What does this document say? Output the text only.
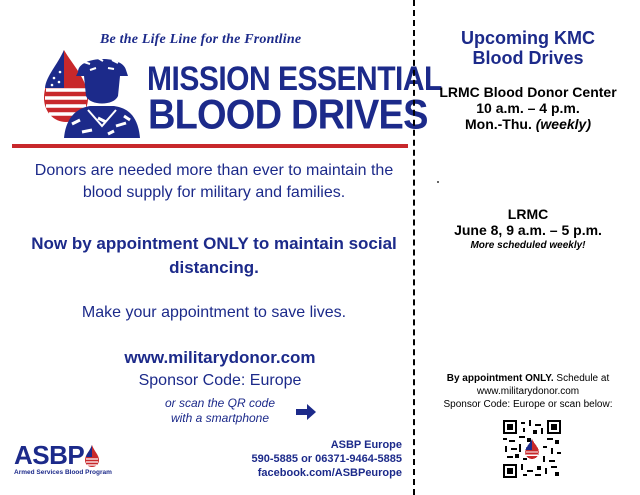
Be the Life Line for the Frontline
MISSION ESSENTIAL
BLOOD DRIVES
Donors are needed more than ever to maintain the blood supply for military and families.
Now by appointment ONLY to maintain social distancing.
Make your appointment to save lives.
www.militarydonor.com
Sponsor Code: Europe
or scan the QR code
with a smartphone
ASBP
Armed Services Blood Program
ASBP Europe
590-5885 or 06371-9464-5885
facebook.com/ASBPeurope
Upcoming KMC
Blood Drives
LRMC Blood Donor Center
10 a.m. – 4 p.m.
Mon.-Thu. (weekly)
LRMC
June 8, 9 a.m. – 5 p.m.
More scheduled weekly!
By appointment ONLY. Schedule at
www.militarydonor.com
Sponsor Code: Europe or scan below:
